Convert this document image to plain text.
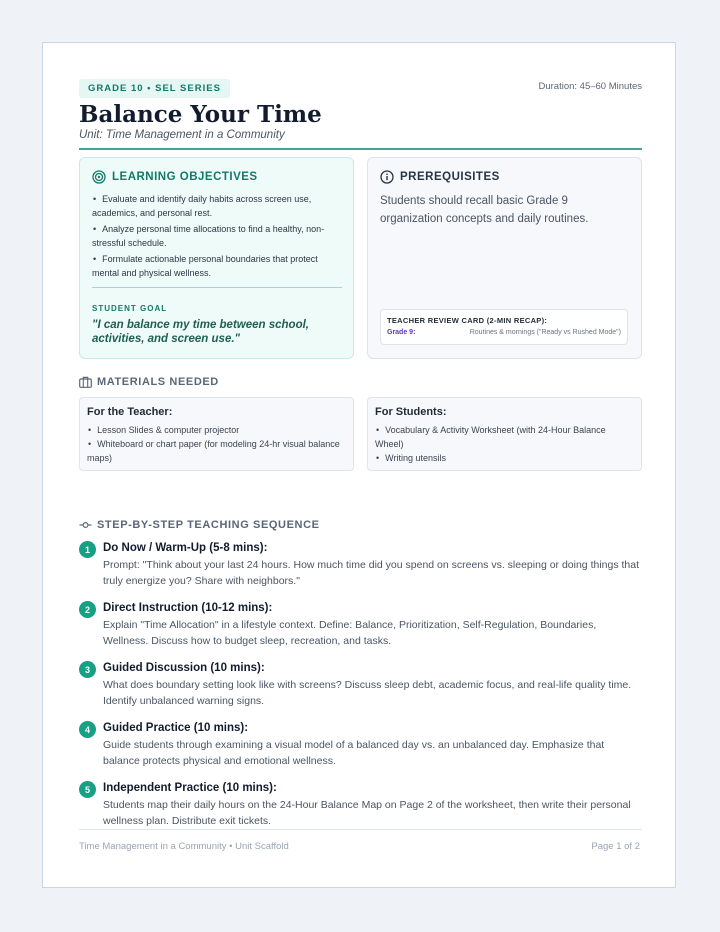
GRADE 10 • SEL SERIES	Duration: 45–60 Minutes
Balance Your Time
Unit: Time Management in a Community
LEARNING OBJECTIVES
• Evaluate and identify daily habits across screen use, academics, and personal rest.
• Analyze personal time allocations to find a healthy, non-stressful schedule.
• Formulate actionable personal boundaries that protect mental and physical wellness.
STUDENT GOAL
"I can balance my time between school, activities, and screen use."
PREREQUISITES
Students should recall basic Grade 9 organization concepts and daily routines.
TEACHER REVIEW CARD (2-MIN RECAP):
Grade 9:	Routines & mornings ("Ready vs Rushed Mode")
MATERIALS NEEDED
For the Teacher:
• Lesson Slides & computer projector
• Whiteboard or chart paper (for modeling 24-hr visual balance maps)
For Students:
• Vocabulary & Activity Worksheet (with 24-Hour Balance Wheel)
• Writing utensils
STEP-BY-STEP TEACHING SEQUENCE
1	Do Now / Warm-Up (5-8 mins):
Prompt: "Think about your last 24 hours. How much time did you spend on screens vs. sleeping or doing things that truly energize you? Share with neighbors."
2	Direct Instruction (10-12 mins):
Explain "Time Allocation" in a lifestyle context. Define: Balance, Prioritization, Self-Regulation, Boundaries, Wellness. Discuss how to budget sleep, recreation, and tasks.
3	Guided Discussion (10 mins):
What does boundary setting look like with screens? Discuss sleep debt, academic focus, and real-life quality time. Identify unbalanced warning signs.
4	Guided Practice (10 mins):
Guide students through examining a visual model of a balanced day vs. an unbalanced day. Emphasize that balance protects physical and emotional wellness.
5	Independent Practice (10 mins):
Students map their daily hours on the 24-Hour Balance Map on Page 2 of the worksheet, then write their personal wellness plan. Distribute exit tickets.
Time Management in a Community • Unit Scaffold	Page 1 of 2
